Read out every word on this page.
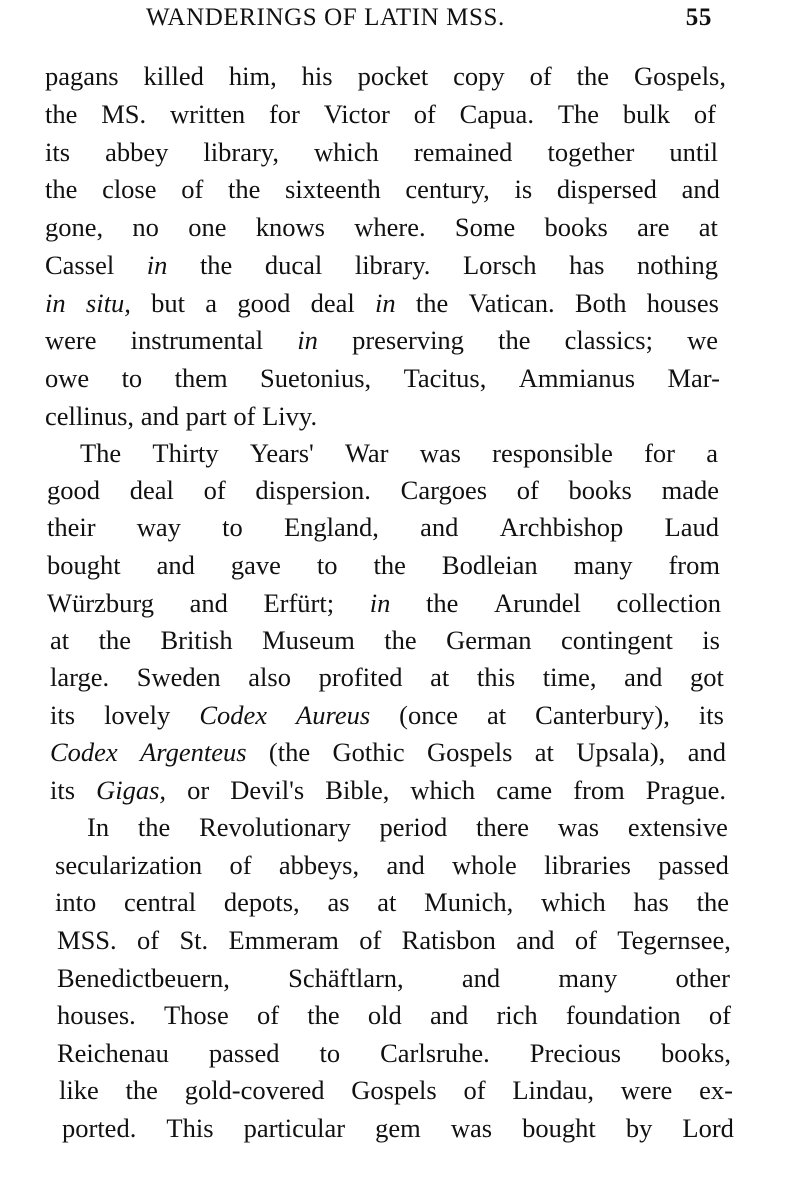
WANDERINGS OF LATIN MSS.	55
pagans killed him, his pocket copy of the Gospels,
the MS. written for Victor of Capua. The bulk of
its abbey library, which remained together until
the close of the sixteenth century, is dispersed and
gone, no one knows where. Some books are at
Cassel in the ducal library. Lorsch has nothing
in situ, but a good deal in the Vatican. Both houses
were instrumental in preserving the classics; we
owe to them Suetonius, Tacitus, Ammianus Mar-
cellinus, and part of Livy.
The Thirty Years' War was responsible for a
good deal of dispersion. Cargoes of books made
their way to England, and Archbishop Laud
bought and gave to the Bodleian many from
Würzburg and Erfürt; in the Arundel collection
at the British Museum the German contingent is
large. Sweden also profited at this time, and got
its lovely Codex Aureus (once at Canterbury), its
Codex Argenteus (the Gothic Gospels at Upsala), and
its Gigas, or Devil's Bible, which came from Prague.
In the Revolutionary period there was extensive
secularization of abbeys, and whole libraries passed
into central depots, as at Munich, which has the
MSS. of St. Emmeram of Ratisbon and of Tegernsee,
Benedictbeuern, Schäftlarn, and many other
houses. Those of the old and rich foundation of
Reichenau passed to Carlsruhe. Precious books,
like the gold-covered Gospels of Lindau, were ex-
ported. This particular gem was bought by Lord
